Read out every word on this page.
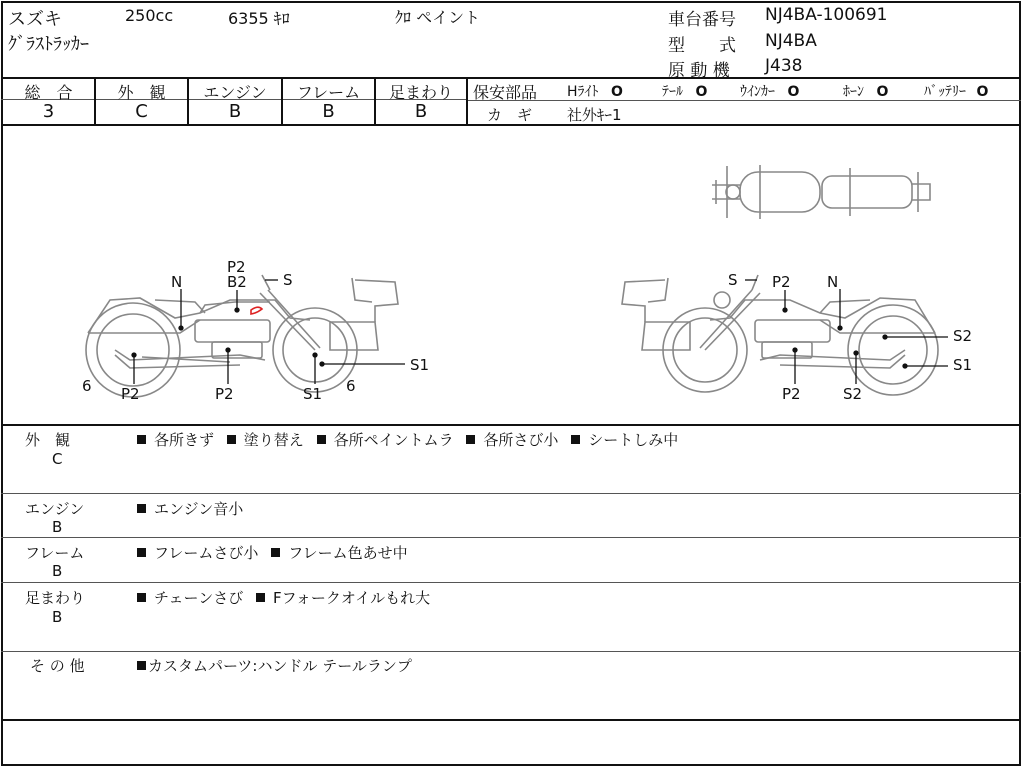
スズキ	250cc	6355 ｷﾛ	ｸﾛ ペイント
ｸﾞﾗｽﾄﾗｯｶｰ
車台番号 NJ4BA-100691
型　　式 NJ4BA
原 動 機 J438
総　合	外　観	エンジン	フレーム	足まわり
3	C	B	B	B
保安部品 Hﾗｲﾄ O	ﾃｰﾙ O ｳｲﾝｶｰ O	ﾎｰﾝ O	ﾊﾞｯﾃﾘｰ O
カ　ギ 社外ｷｰ1
P2
B2 S
N
6 P2	P2	S1 6
S1
S P2 N
S2
S1
P2	S2
外　観
C
各所きず 塗り替え 各所ペイントムラ 各所さび小 シートしみ中
エンジン
B
エンジン音小
フレーム
B
フレームさび小 フレーム色あせ中
足まわり
B
チェーンさび Fフォークオイルもれ大
そ の 他	カスタムパーツ:ハンドル テールランプ
